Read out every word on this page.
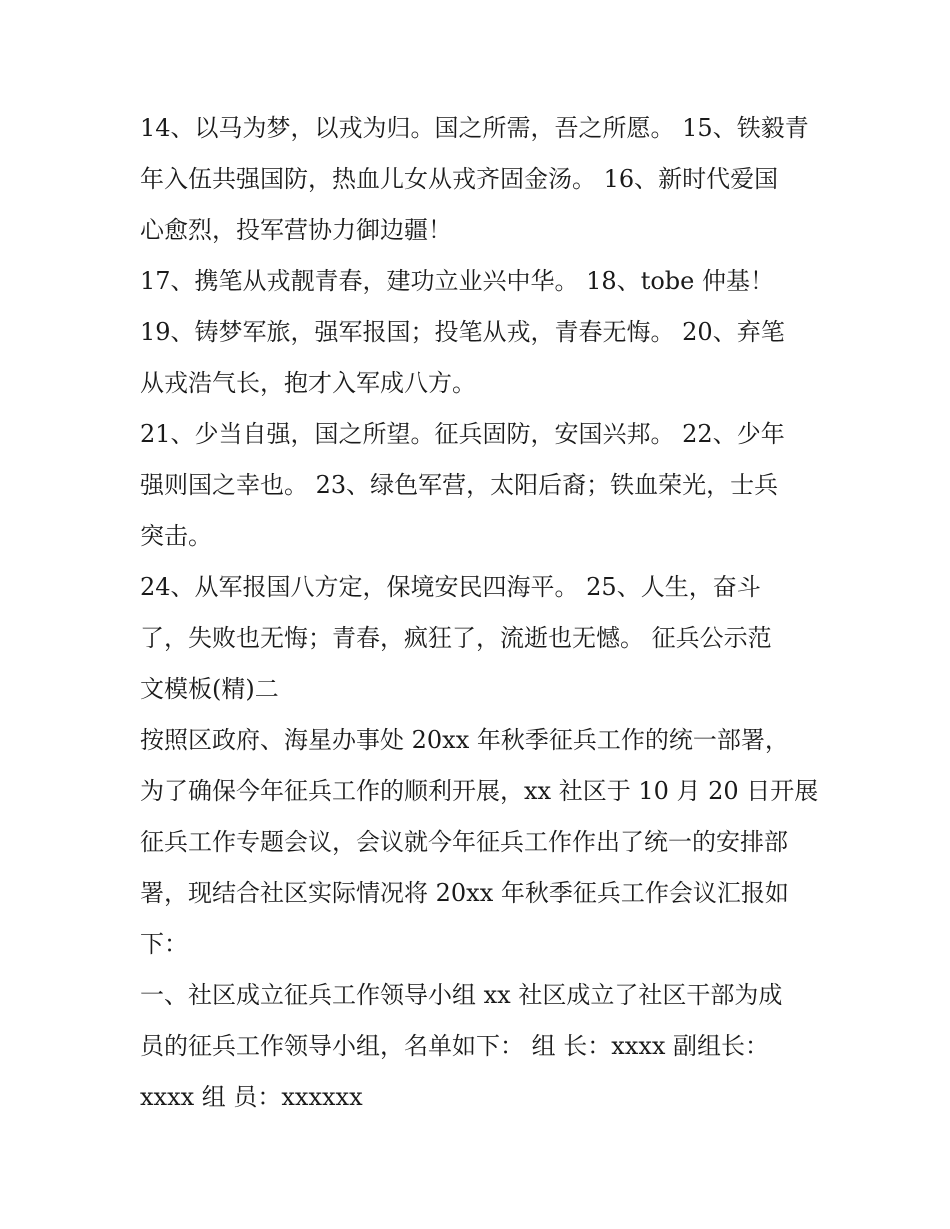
14、以马为梦，以戎为归。国之所需，吾之所愿。 15、铁毅青
年入伍共强国防，热血儿女从戎齐固金汤。 16、新时代爱国
心愈烈，投军营协力御边疆！
17、携笔从戎靓青春，建功立业兴中华。 18、tobe 仲基！
19、铸梦军旅，强军报国；投笔从戎，青春无悔。 20、弃笔
从戎浩气长，抱才入军成八方。
21、少当自强，国之所望。征兵固防，安国兴邦。 22、少年
强则国之幸也。 23、绿色军营，太阳后裔；铁血荣光，士兵
突击。
24、从军报国八方定，保境安民四海平。 25、人生，奋斗
了，失败也无悔；青春，疯狂了，流逝也无憾。 征兵公示范
文模板(精)二
按照区政府、海星办事处 20xx 年秋季征兵工作的统一部署，
为了确保今年征兵工作的顺利开展，xx 社区于 10 月 20 日开展
征兵工作专题会议，会议就今年征兵工作作出了统一的安排部
署，现结合社区实际情况将 20xx 年秋季征兵工作会议汇报如
下：
一、社区成立征兵工作领导小组 xx 社区成立了社区干部为成
员的征兵工作领导小组，名单如下： 组 长：xxxx 副组长：
xxxx 组 员：xxxxxx
